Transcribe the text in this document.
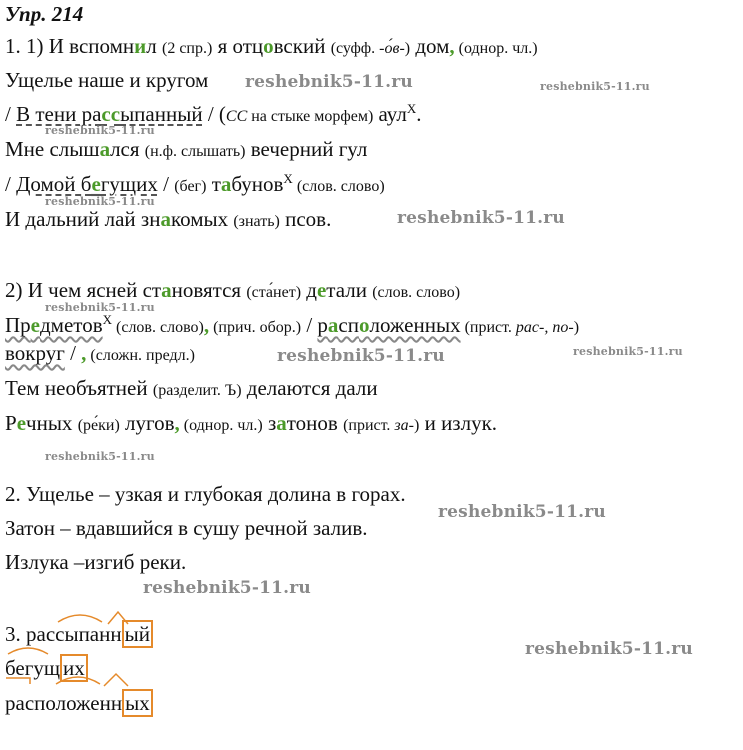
Упр. 214
1. 1) И вспомнил (2 спр.) я отцовский (суфф. -о́в-) дом, (однор. чл.)
Ущелье наше и кругом
/ В тени рассыпанный / (СС на стыке морфем) аул$^Х$.
Мне слышался (н.ф. слышать) вечерний гул
/ Домой бегущих / (бег) табунов$^Х$ (слов. слово)
И дальний лай знакомых (знать) псов.
2) И чем ясней становятся (ста́нет) детали (слов. слово)
Предметов$^Х$ (слов. слово), (прич. обор.) / расположенных (прист. рас-, по-)
вокруг / , (сложн. предл.)
Тем необъятней (разделит. Ъ) делаются дали
Речных (ре́ки) лугов, (однор. чл.) затонов (прист. за-) и излук.
2. Ущелье – узкая и глубокая долина в горах.
Затон – вдавшийся в сушу речной залив.
Излука –изгиб реки.
3. рассыпанн ый
бегущ их
расположенн ых
reshebnik5-11.ru	reshebnik5-11.ru
reshebnik5-11.ru
reshebnik5-11.ru
reshebnik5-11.ru
reshebnik5-11.ru
reshebnik5-11.ru	reshebnik5-11.ru
reshebnik5-11.ru
reshebnik5-11.ru
reshebnik5-11.ru
reshebnik5-11.ru
